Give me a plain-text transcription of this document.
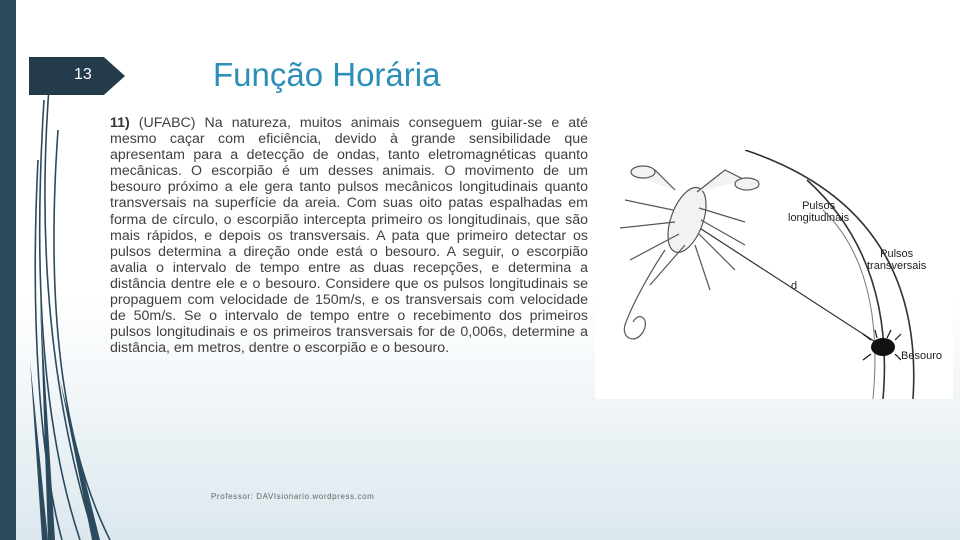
13	Função Horária
11) (UFABC) Na natureza, muitos animais conseguem guiar-se e até mesmo caçar com eficiência, devido à grande sensibilidade que apresentam para a detecção de ondas, tanto eletromagnéticas quanto mecânicas. O escorpião é um desses animais. O movimento de um besouro próximo a ele gera tanto pulsos mecânicos longitudinais quanto transversais na superfície da areia. Com suas oito patas espalhadas em forma de círculo, o escorpião intercepta primeiro os longitudinais, que são mais rápidos, e depois os transversais. A pata que primeiro detectar os pulsos determina a direção onde está o besouro. A seguir, o escorpião avalia o intervalo de tempo entre as duas recepções, e determina a distância dentre ele e o besouro. Considere que os pulsos longitudinais se propaguem com velocidade de 150m/s, e os transversais com velocidade de 50m/s. Se o intervalo de tempo entre o recebimento dos primeiros pulsos longitudinais e os primeiros transversais for de 0,006s, determine a distância, em metros, dentre o escorpião e o besouro.
Pulsos
longitudinais
Pulsos
transversais
d
Besouro
Professor: DAVIsionario.wordpress.com
